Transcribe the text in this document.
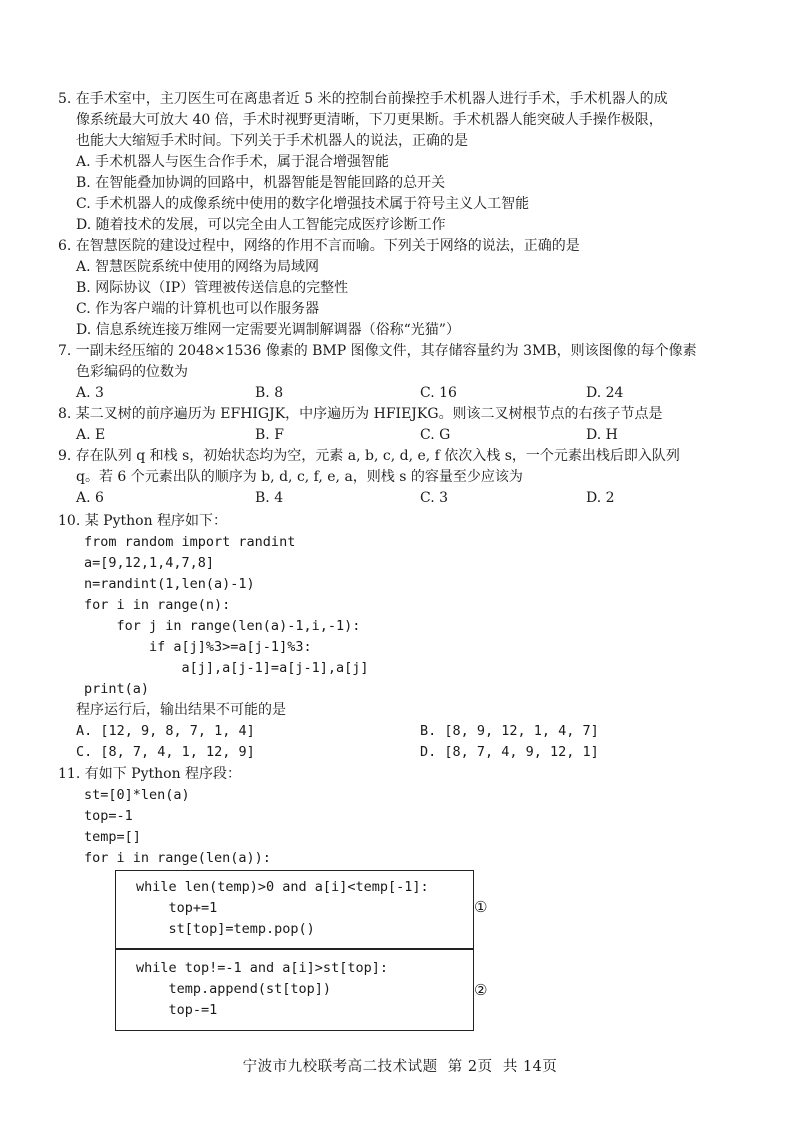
5. 在手术室中，主刀医生可在离患者近 5 米的控制台前操控手术机器人进行手术，手术机器人的成
像系统最大可放大 40 倍，手术时视野更清晰，下刀更果断。手术机器人能突破人手操作极限，
也能大大缩短手术时间。下列关于手术机器人的说法，正确的是
A. 手术机器人与医生合作手术，属于混合增强智能
B. 在智能叠加协调的回路中，机器智能是智能回路的总开关
C. 手术机器人的成像系统中使用的数字化增强技术属于符号主义人工智能
D. 随着技术的发展，可以完全由人工智能完成医疗诊断工作
6. 在智慧医院的建设过程中，网络的作用不言而喻。下列关于网络的说法，正确的是
A. 智慧医院系统中使用的网络为局域网
B. 网际协议（IP）管理被传送信息的完整性
C. 作为客户端的计算机也可以作服务器
D. 信息系统连接万维网一定需要光调制解调器（俗称“光猫”）
7. 一副未经压缩的 2048×1536 像素的 BMP 图像文件，其存储容量约为 3MB，则该图像的每个像素
色彩编码的位数为
A. 3	B. 8	C. 16	D. 24
8. 某二叉树的前序遍历为 EFHIGJK，中序遍历为 HFIEJKG。则该二叉树根节点的右孩子节点是
A. E	B. F	C. G	D. H
9. 存在队列 q 和栈 s，初始状态均为空，元素 a, b, c, d, e, f 依次入栈 s，一个元素出栈后即入队列
q。若 6 个元素出队的顺序为 b, d, c, f, e, a，则栈 s 的容量至少应该为
A. 6	B. 4	C. 3	D. 2
10. 某 Python 程序如下：
from random import randint
a=[9,12,1,4,7,8]
n=randint(1,len(a)-1)
for i in range(n):
for j in range(len(a)-1,i,-1):
if a[j]%3>=a[j-1]%3:
a[j],a[j-1]=a[j-1],a[j]
print(a)
程序运行后，输出结果不可能的是
A. [12, 9, 8, 7, 1, 4]	B. [8, 9, 12, 1, 4, 7]
C. [8, 7, 4, 1, 12, 9]	D. [8, 7, 4, 9, 12, 1]
11. 有如下 Python 程序段：
st=[0]*len(a)
top=-1
temp=[]
for i in range(len(a)):
while len(temp)>0 and a[i]<temp[-1]:
top+=1
st[top]=temp.pop()
①
while top!=-1 and a[i]>st[top]:
temp.append(st[top])
top-=1
②
宁波市九校联考高二技术试题  第 2页  共 14页
